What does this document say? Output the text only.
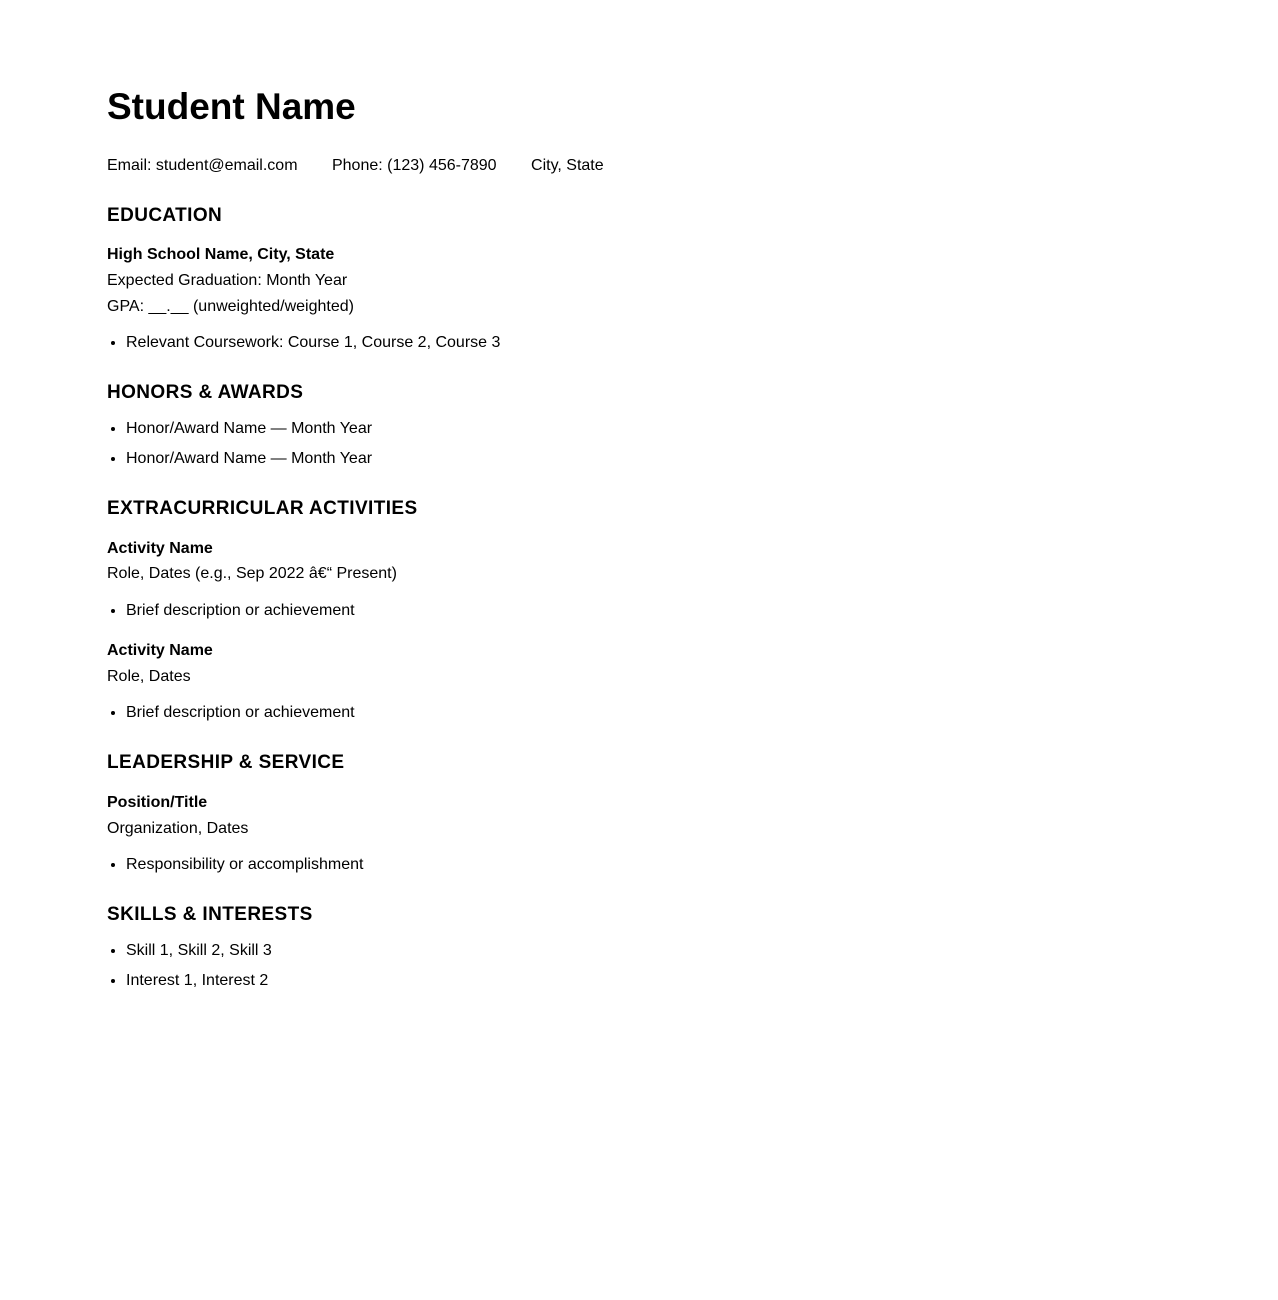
Student Name

Email: student@email.com Phone: (123) 456-7890 City, State

EDUCATION

High School Name, City, State
Expected Graduation: Month Year
GPA: __.__ (unweighted/weighted)

• Relevant Coursework: Course 1, Course 2, Course 3
HONORS & AWARDS
• Honor/Award Name — Month Year
• Honor/Award Name — Month Year
EXTRACURRICULAR ACTIVITIES

Activity Name
Role, Dates (e.g., Sep 2022 â€“ Present)

• Brief description or achievement

Activity Name
Role, Dates

• Brief description or achievement
LEADERSHIP & SERVICE

Position/Title
Organization, Dates

• Responsibility or accomplishment
SKILLS & INTERESTS
• Skill 1, Skill 2, Skill 3
• Interest 1, Interest 2
